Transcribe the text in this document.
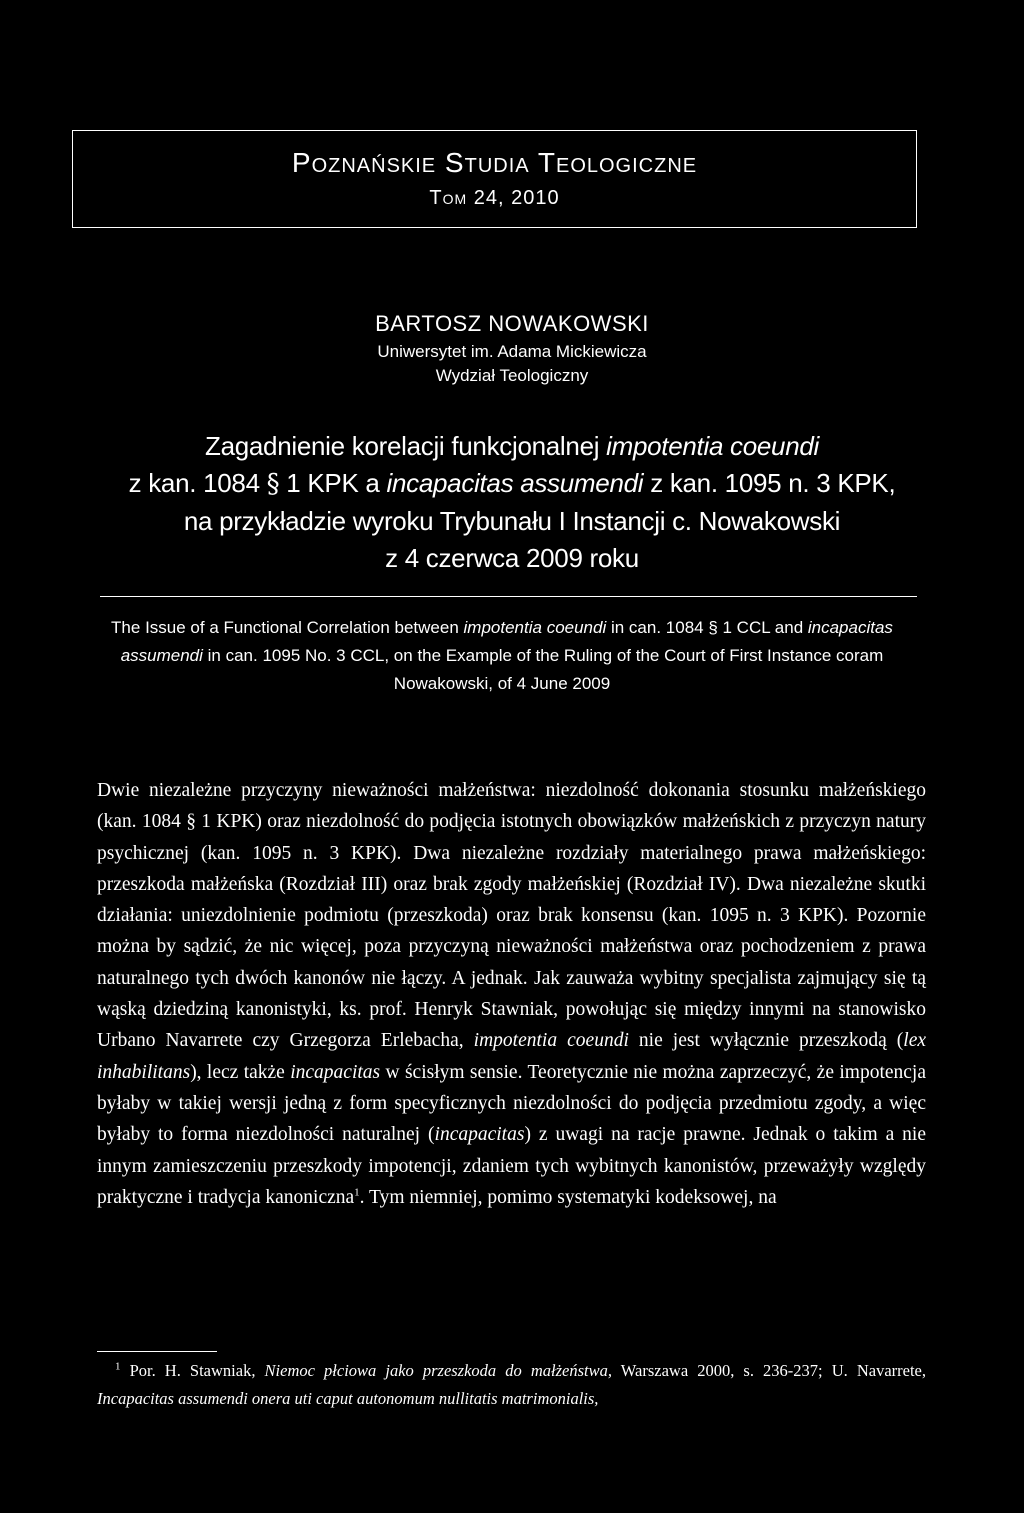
Poznańskie Studia Teologiczne
Tom 24, 2010
BARTOSZ NOWAKOWSKI
Uniwersytet im. Adama Mickiewicza
Wydział Teologiczny
Zagadnienie korelacji funkcjonalnej impotentia coeundi
z kan. 1084 § 1 KPK a incapacitas assumendi z kan. 1095 n. 3 KPK,
na przykładzie wyroku Trybunału I Instancji c. Nowakowski
z 4 czerwca 2009 roku
The Issue of a Functional Correlation between impotentia coeundi in can. 1084 § 1 CCL and incapacitas assumendi in can. 1095 No. 3 CCL, on the Example of the Ruling of the Court of First Instance coram Nowakowski, of 4 June 2009

Dwie niezależne przyczyny nieważności małżeństwa: niezdolność dokonania stosunku małżeńskiego (kan. 1084 § 1 KPK) oraz niezdolność do podjęcia istotnych obowiązków małżeńskich z przyczyn natury psychicznej (kan. 1095 n. 3 KPK). Dwa niezależne rozdziały materialnego prawa małżeńskiego: przeszkoda małżeńska (Rozdział III) oraz brak zgody małżeńskiej (Rozdział IV). Dwa niezależne skutki działania: uniezdolnienie podmiotu (przeszkoda) oraz brak konsensu (kan. 1095 n. 3 KPK). Pozornie można by sądzić, że nic więcej, poza przyczyną nieważności małżeństwa oraz pochodzeniem z prawa naturalnego tych dwóch kanonów nie łączy. A jednak. Jak zauważa wybitny specjalista zajmujący się tą wąską dziedziną kanonistyki, ks. prof. Henryk Stawniak, powołując się między innymi na stanowisko Urbano Navarrete czy Grzegorza Erlebacha, impotentia coeundi nie jest wyłącznie przeszkodą (lex inhabilitans), lecz także incapacitas w ścisłym sensie. Teoretycznie nie można zaprzeczyć, że impotencja byłaby w takiej wersji jedną z form specyficznych niezdolności do podjęcia przedmiotu zgody, a więc byłaby to forma niezdolności naturalnej (incapacitas) z uwagi na racje prawne. Jednak o takim a nie innym zamieszczeniu przeszkody impotencji, zdaniem tych wybitnych kanonistów, przeważyły względy praktyczne i tradycja kanoniczna$^1$. Tym niemniej, pomimo systematyki kodeksowej, na

$^1$ Por. H. Stawniak, Niemoc płciowa jako przeszkoda do małżeństwa, Warszawa 2000, s. 236-237; U. Navarrete, Incapacitas assumendi onera uti caput autonomum nullitatis matrimonialis,
